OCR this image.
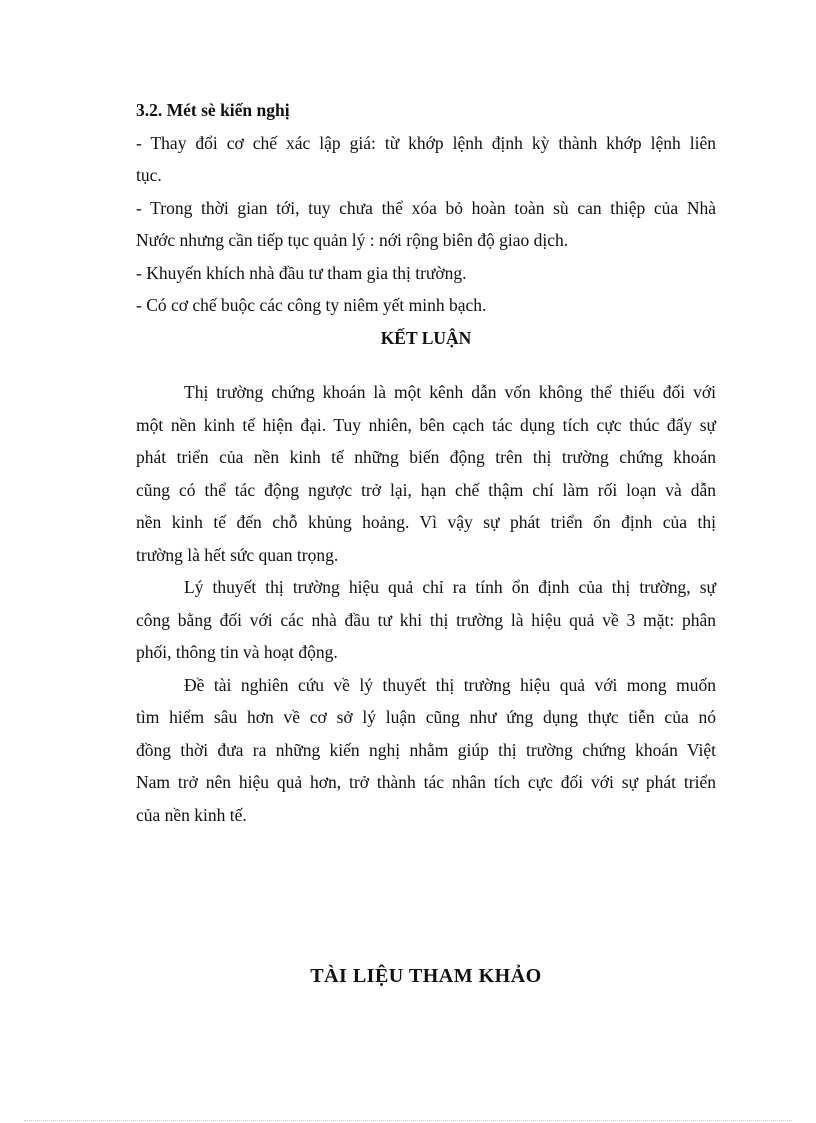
3.2. Mét sè kiến nghị
- Thay đổi cơ chế xác lập giá: từ khớp lệnh định kỳ thành khớp lệnh liên
tục.
- Trong thời gian tới, tuy chưa thể xóa bỏ hoàn toàn sù can thiệp của Nhà
Nước nhưng cần tiếp tục quản lý : nới rộng biên độ giao dịch.
- Khuyến khích nhà đầu tư tham gia thị trường.
- Có cơ chế buộc các công ty niêm yết minh bạch.
KẾT LUẬN
Thị trường chứng khoán là một kênh dẫn vốn không thể thiếu đối với
một nền kinh tế hiện đại. Tuy nhiên, bên cạch tác dụng tích cực thúc đẩy sự
phát triển của nền kinh tế những biến động trên thị trường chứng khoán
cũng có thể tác động ngược trở lại, hạn chế thậm chí làm rối loạn và dẫn
nền kinh tế đến chỗ khủng hoảng. Vì vậy sự phát triển ổn định của thị
trường là hết sức quan trọng.
Lý thuyết thị trường hiệu quả chỉ ra tính ổn định của thị trường, sự
công bằng đối với các nhà đầu tư khi thị trường là hiệu quả về 3 mặt: phân
phối, thông tin và hoạt động.
Đề tài nghiên cứu về lý thuyết thị trường hiệu quả với mong muốn
tìm hiểm sâu hơn về cơ sở lý luận cũng như ứng dụng thực tiễn của nó
đồng thời đưa ra những kiến nghị nhằm giúp thị trường chứng khoán Việt
Nam trở nên hiệu quả hơn, trở thành tác nhân tích cực đối với sự phát triển
của nền kinh tế.
TÀI LIỆU THAM KHẢO
